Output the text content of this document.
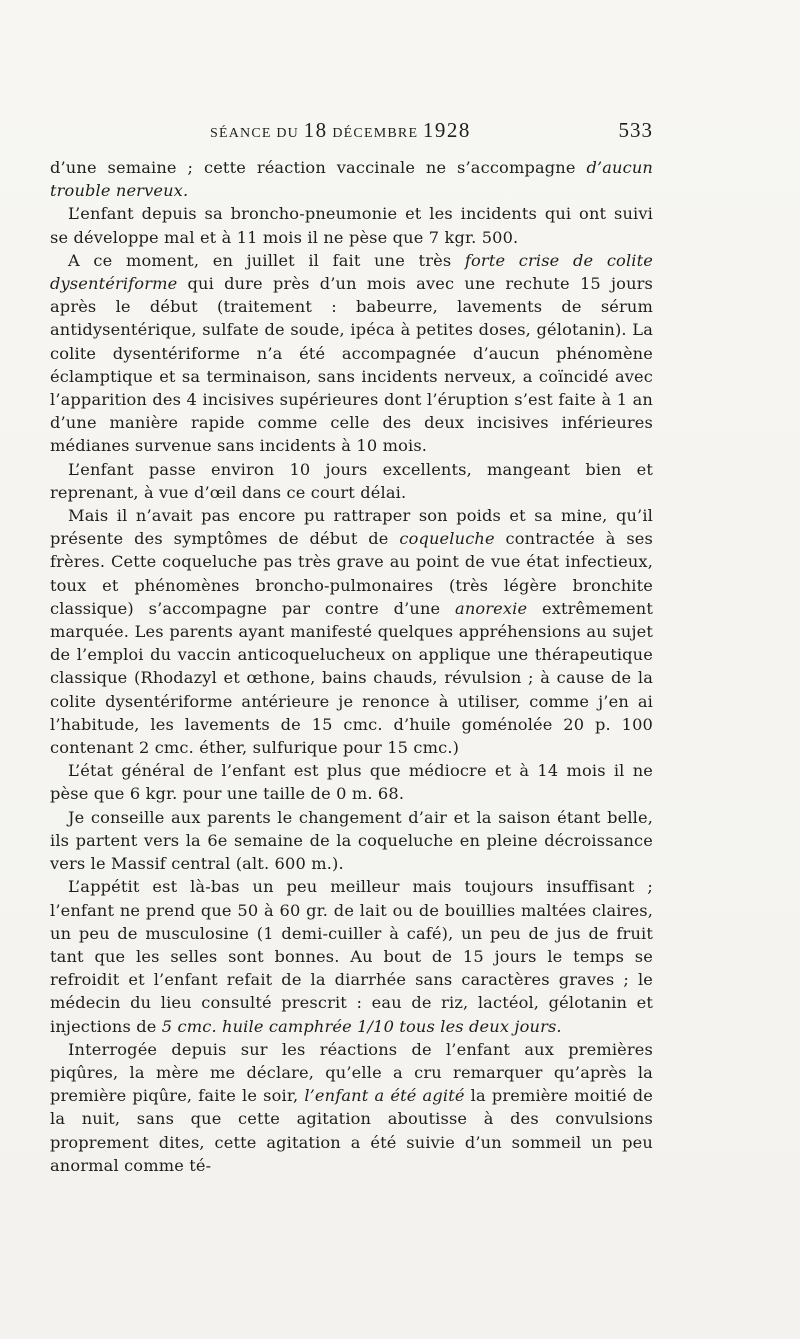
SÉANCE DU 18 DÉCEMBRE 1928	533

d’une semaine ; cette réaction vaccinale ne s’accompagne d’aucun trouble nerveux.

L’enfant depuis sa broncho-pneumonie et les incidents qui ont suivi se développe mal et à 11 mois il ne pèse que 7 kgr. 500.

A ce moment, en juillet il fait une très forte crise de colite dysentériforme qui dure près d’un mois avec une rechute 15 jours après le début (traitement : babeurre, lavements de sérum antidysentérique, sulfate de soude, ipéca à petites doses, gélotanin). La colite dysentériforme n’a été accompagnée d’aucun phénomène éclamptique et sa terminaison, sans incidents nerveux, a coïncidé avec l’apparition des 4 incisives supérieures dont l’éruption s’est faite à 1 an d’une manière rapide comme celle des deux incisives inférieures médianes survenue sans incidents à 10 mois.

L’enfant passe environ 10 jours excellents, mangeant bien et reprenant, à vue d’œil dans ce court délai.

Mais il n’avait pas encore pu rattraper son poids et sa mine, qu’il présente des symptômes de début de coqueluche contractée à ses frères. Cette coqueluche pas très grave au point de vue état infectieux, toux et phénomènes broncho-pulmonaires (très légère bronchite classique) s’accompagne par contre d’une anorexie extrêmement marquée. Les parents ayant manifesté quelques appréhensions au sujet de l’emploi du vaccin anticoquelucheux on applique une thérapeutique classique (Rhodazyl et œthone, bains chauds, révulsion ; à cause de la colite dysentériforme antérieure je renonce à utiliser, comme j’en ai l’habitude, les lavements de 15 cmc. d’huile goménolée 20 p. 100 contenant 2 cmc. éther, sulfurique pour 15 cmc.)

L’état général de l’enfant est plus que médiocre et à 14 mois il ne pèse que 6 kgr. pour une taille de 0 m. 68.

Je conseille aux parents le changement d’air et la saison étant belle, ils partent vers la 6e semaine de la coqueluche en pleine décroissance vers le Massif central (alt. 600 m.).

L’appétit est là-bas un peu meilleur mais toujours insuffisant ; l’enfant ne prend que 50 à 60 gr. de lait ou de bouillies maltées claires, un peu de musculosine (1 demi-cuiller à café), un peu de jus de fruit tant que les selles sont bonnes. Au bout de 15 jours le temps se refroidit et l’enfant refait de la diarrhée sans caractères graves ; le médecin du lieu consulté prescrit : eau de riz, lactéol, gélotanin et injections de 5 cmc. huile camphrée 1/10 tous les deux jours.

Interrogée depuis sur les réactions de l’enfant aux premières piqûres, la mère me déclare, qu’elle a cru remarquer qu’après la première piqûre, faite le soir, l’enfant a été agité la première moitié de la nuit, sans que cette agitation aboutisse à des convulsions proprement dites, cette agitation a été suivie d’un sommeil un peu anormal comme té-
